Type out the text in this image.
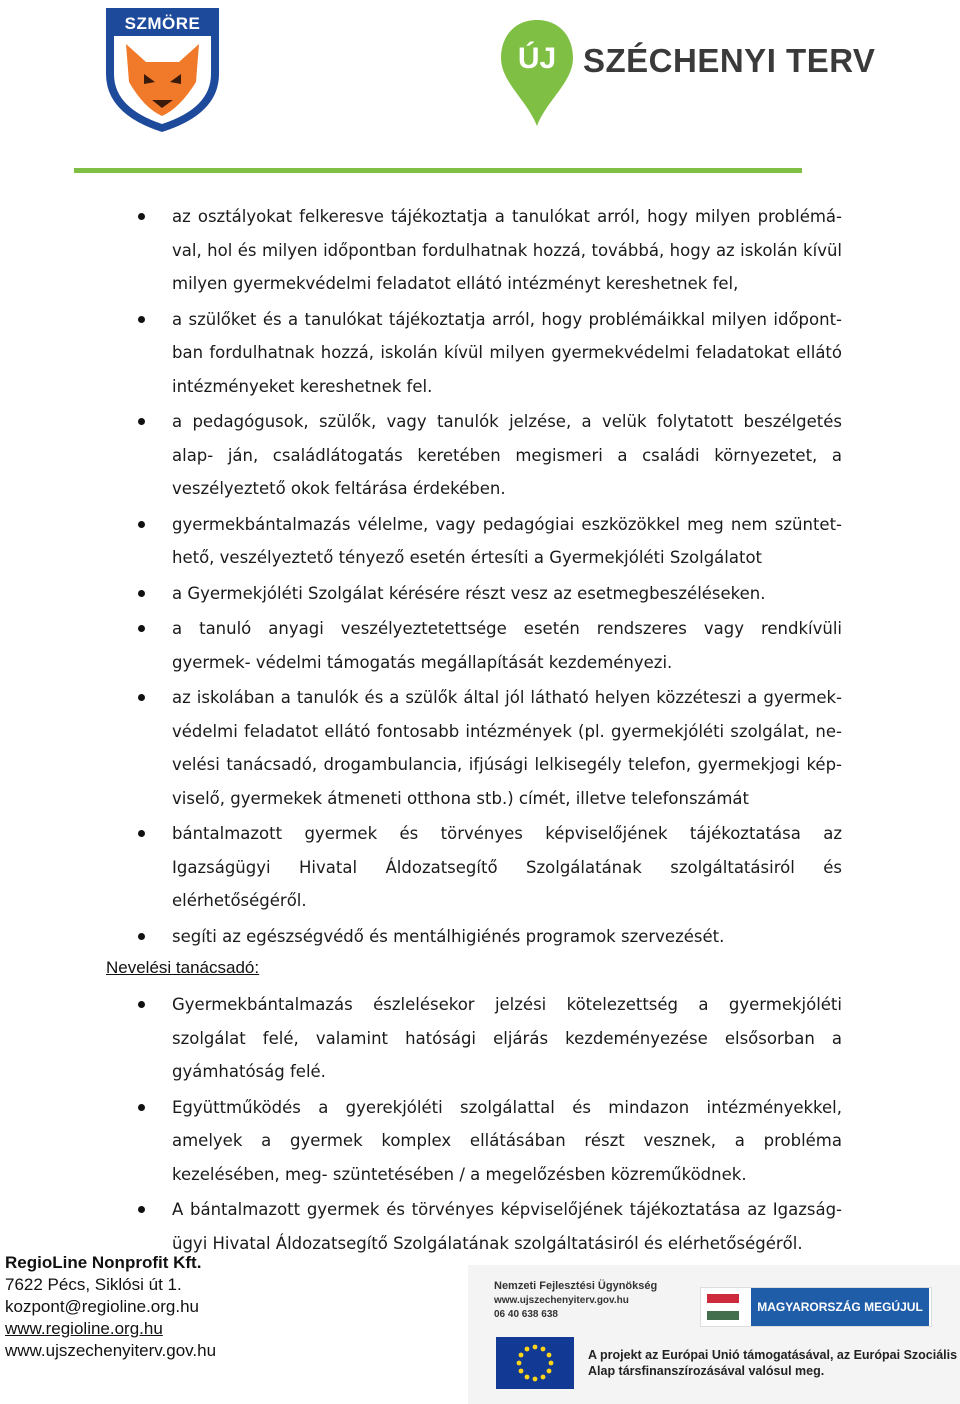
SZMÖRE
ÚJ SZÉCHENYI TERV
az osztályokat felkeresve tájékoztatja a tanulókat arról, hogy milyen problémá- val, hol és milyen időpontban fordulhatnak hozzá, továbbá, hogy az iskolán kívül milyen gyermekvédelmi feladatot ellátó intézményt kereshetnek fel,
a szülőket és a tanulókat tájékoztatja arról, hogy problémáikkal milyen időpont- ban fordulhatnak hozzá, iskolán kívül milyen gyermekvédelmi feladatokat ellátó intézményeket kereshetnek fel.
a pedagógusok, szülők, vagy tanulók jelzése, a velük folytatott beszélgetés alap- ján, családlátogatás keretében megismeri a családi környezetet, a veszélyeztető okok feltárása érdekében.
gyermekbántalmazás vélelme, vagy pedagógiai eszközökkel meg nem szüntet- hető, veszélyeztető tényező esetén értesíti a Gyermekjóléti Szolgálatot
a Gyermekjóléti Szolgálat kérésére részt vesz az esetmegbeszéléseken.
a tanuló anyagi veszélyeztetettsége esetén rendszeres vagy rendkívüli gyermek- védelmi támogatás megállapítását kezdeményezi.
az iskolában a tanulók és a szülők által jól látható helyen közzéteszi a gyermek- védelmi feladatot ellátó fontosabb intézmények (pl. gyermekjóléti szolgálat, ne- velési tanácsadó, drogambulancia, ifjúsági lelkisegély telefon, gyermekjogi kép- viselő, gyermekek átmeneti otthona stb.) címét, illetve telefonszámát
bántalmazott gyermek és törvényes képviselőjének tájékoztatása az Igazságügyi Hivatal Áldozatsegítő Szolgálatának szolgáltatásiról és elérhetőségéről.
segíti az egészségvédő és mentálhigiénés programok szervezését.
Nevelési tanácsadó:
Gyermekbántalmazás észlelésekor jelzési kötelezettség a gyermekjóléti szolgálat felé, valamint hatósági eljárás kezdeményezése elsősorban a gyámhatóság felé.
Együttműködés a gyerekjóléti szolgálattal és mindazon intézményekkel, amelyek a gyermek komplex ellátásában részt vesznek, a probléma kezelésében, meg- szüntetésében / a megelőzésben közreműködnek.
A bántalmazott gyermek és törvényes képviselőjének tájékoztatása az Igazság- ügyi Hivatal Áldozatsegítő Szolgálatának szolgáltatásiról és elérhetőségéről.
RegioLine Nonprofit Kft.
7622 Pécs, Siklósi út 1.
kozpont@regioline.org.hu
www.regioline.org.hu
www.ujszechenyiterv.gov.hu
Nemzeti Fejlesztési Ügynökség
www.ujszechenyiterv.gov.hu
06 40 638 638
MAGYARORSZÁG MEGÚJUL
A projekt az Európai Unió támogatásával, az Európai Szociális Alap társfinanszírozásával valósul meg.
